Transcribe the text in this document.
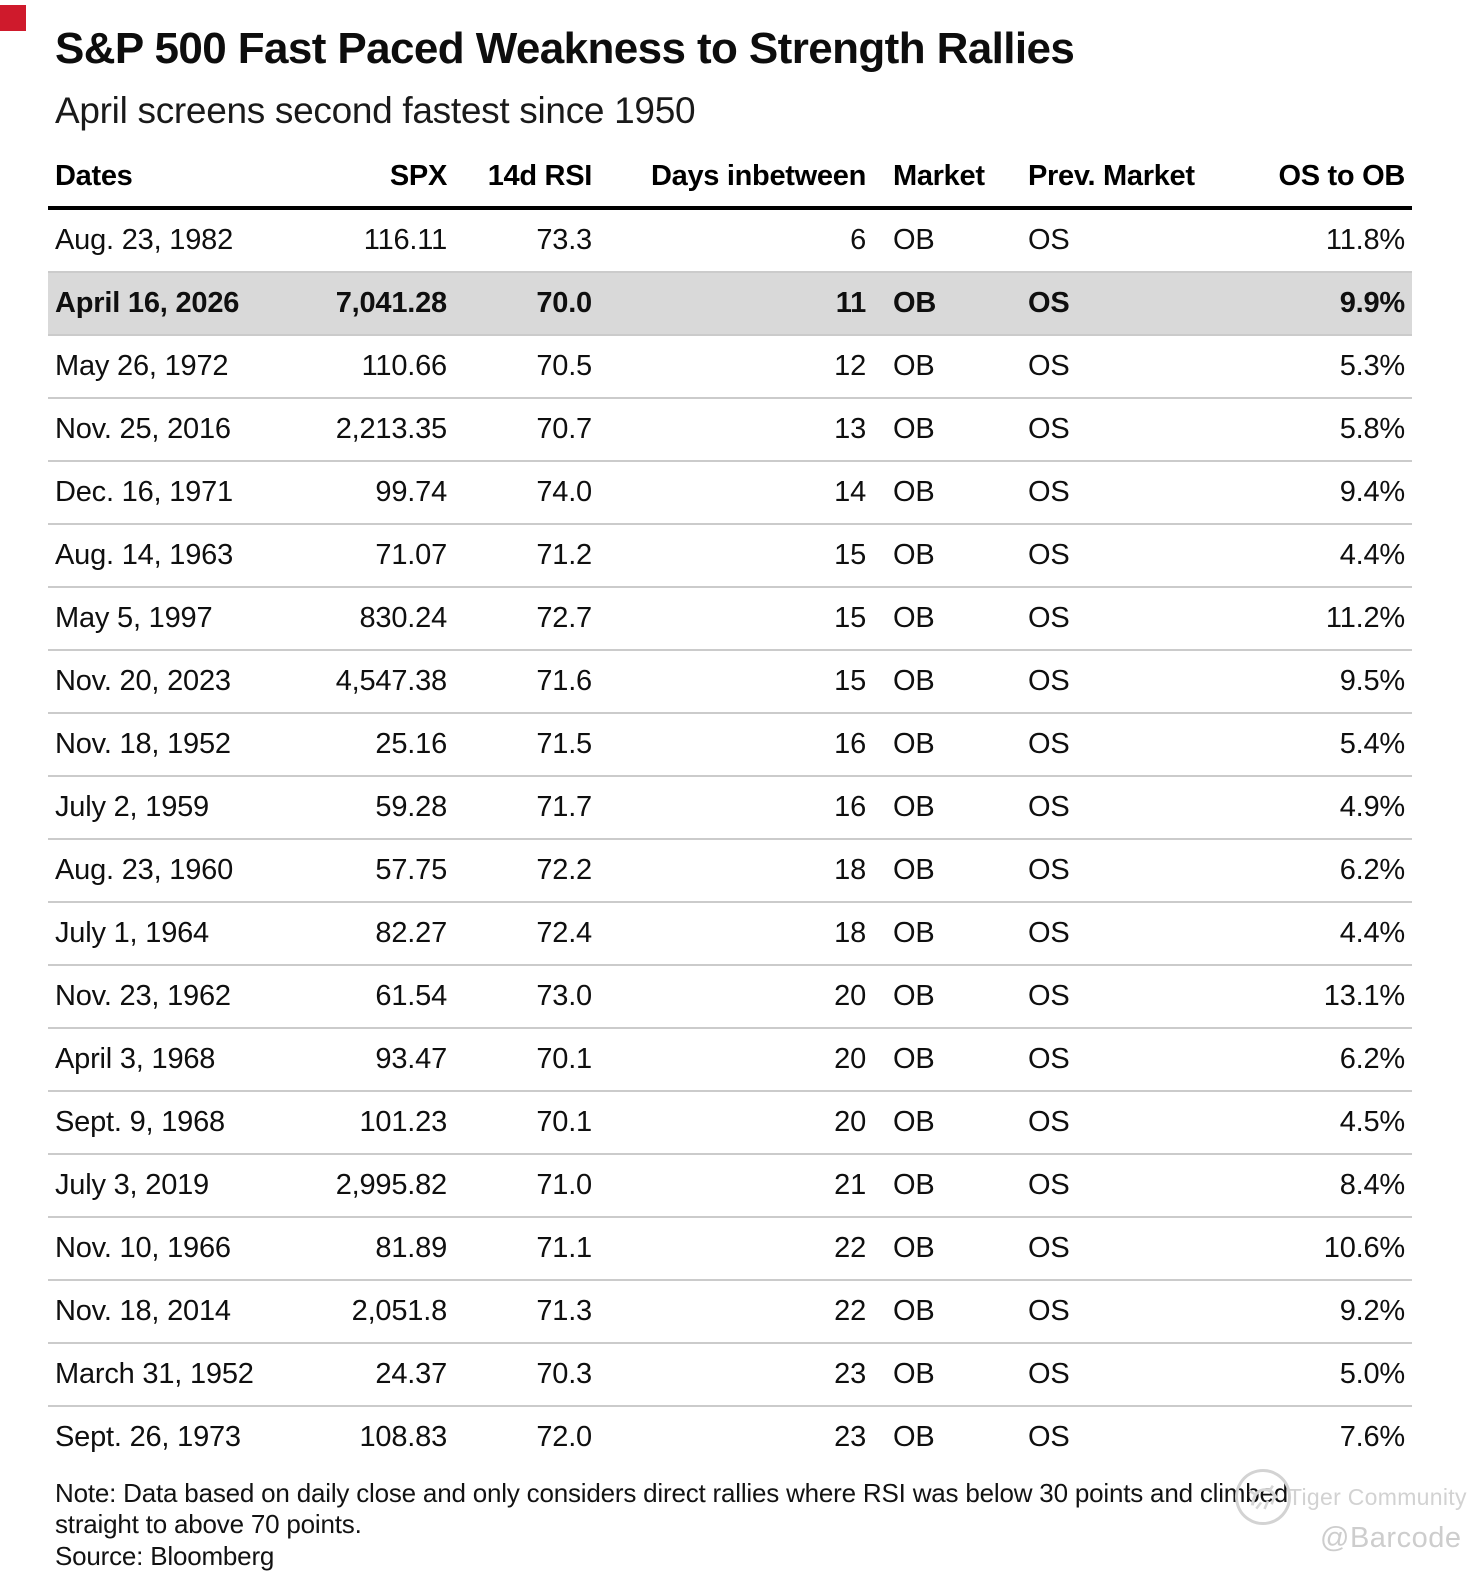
S&P 500 Fast Paced Weakness to Strength Rallies
April screens second fastest since 1950
Dates	SPX	14d RSI	Days inbetween	Market	Prev. Market	OS to OB
Aug. 23, 1982	116.11	73.3	6	OB	OS	11.8%
April 16, 2026	7,041.28	70.0	11	OB	OS	9.9%
May 26, 1972	110.66	70.5	12	OB	OS	5.3%
Nov. 25, 2016	2,213.35	70.7	13	OB	OS	5.8%
Dec. 16, 1971	99.74	74.0	14	OB	OS	9.4%
Aug. 14, 1963	71.07	71.2	15	OB	OS	4.4%
May 5, 1997	830.24	72.7	15	OB	OS	11.2%
Nov. 20, 2023	4,547.38	71.6	15	OB	OS	9.5%
Nov. 18, 1952	25.16	71.5	16	OB	OS	5.4%
July 2, 1959	59.28	71.7	16	OB	OS	4.9%
Aug. 23, 1960	57.75	72.2	18	OB	OS	6.2%
July 1, 1964	82.27	72.4	18	OB	OS	4.4%
Nov. 23, 1962	61.54	73.0	20	OB	OS	13.1%
April 3, 1968	93.47	70.1	20	OB	OS	6.2%
Sept. 9, 1968	101.23	70.1	20	OB	OS	4.5%
July 3, 2019	2,995.82	71.0	21	OB	OS	8.4%
Nov. 10, 1966	81.89	71.1	22	OB	OS	10.6%
Nov. 18, 2014	2,051.8	71.3	22	OB	OS	9.2%
March 31, 1952	24.37	70.3	23	OB	OS	5.0%
Sept. 26, 1973	108.83	72.0	23	OB	OS	7.6%
Note: Data based on daily close and only considers direct rallies where RSI was below 30 points and climbed
straight to above 70 points.
Source: Bloomberg
Tiger Community
@Barcode
